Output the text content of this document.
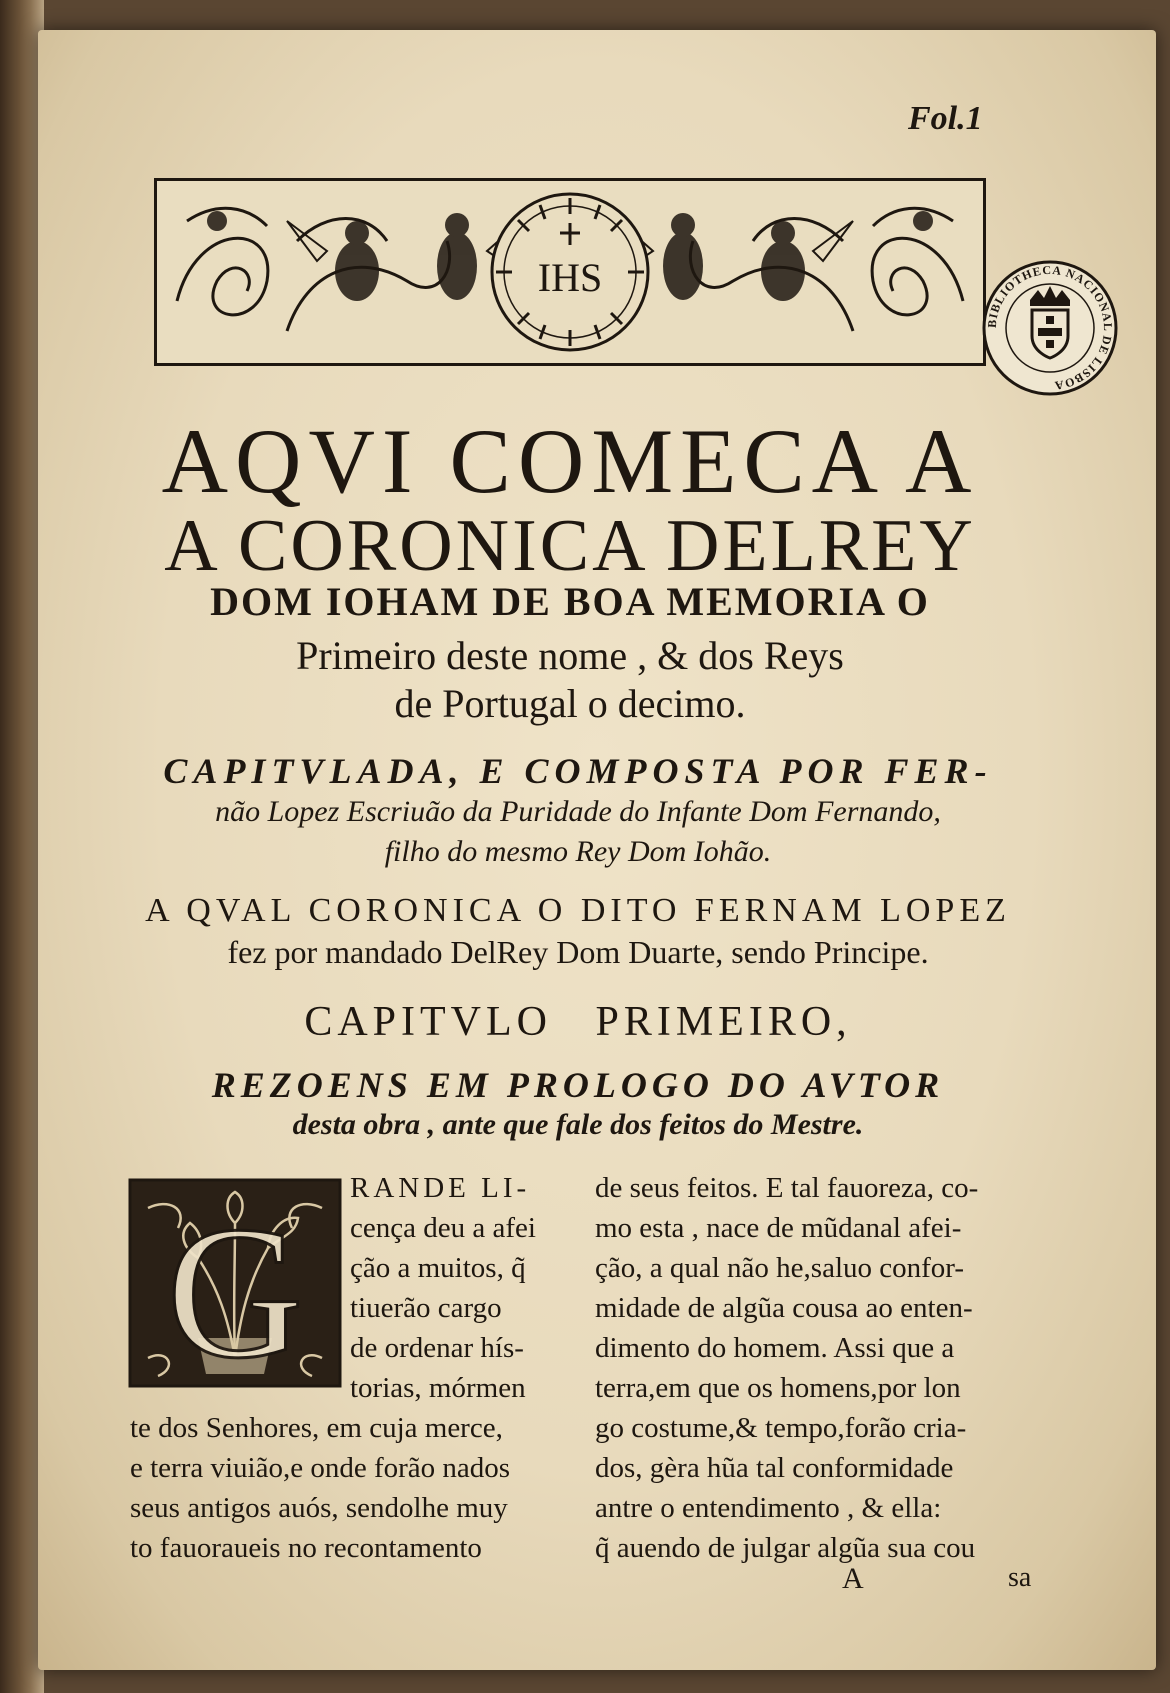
Fol.1
IHS
BIBLIOTHECA NACIONAL DE LISBOA
AQVI COMECA A
A CORONICA DELREY
DOM IOHAM DE BOA MEMORIA O
Primeiro deste nome , & dos Reys
de Portugal o decimo.
CAPITVLADA, E COMPOSTA POR FER-
não Lopez Escriuão da Puridade do Infante Dom Fernando,
filho do mesmo Rey Dom Iohão.
A QVAL CORONICA O DITO FERNAM LOPEZ
fez por mandado DelRey Dom Duarte, sendo Principe.
CAPITVLO PRIMEIRO,
REZOENS EM PROLOGO DO AVTOR
desta obra , ante que fale dos feitos do Mestre.
G RANDE LI-
cença deu a afei
ção a muitos, q̃
tiuerão cargo
de ordenar hís-
torias, mórmen
te dos Senhores, em cuja merce,
e terra viuião,e onde forão nados
seus antigos auós, sendolhe muy
to fauoraueis no recontamento
de seus feitos. E tal fauoreza, co-
mo esta , nace de mũdanal afei-
ção, a qual não he,saluo confor-
midade de algũa cousa ao enten-
dimento do homem. Assi que a
terra,em que os homens,por lon
go costume,& tempo,forão cria-
dos, gèra hũa tal conformidade
antre o entendimento , & ella:
q̃ auendo de julgar algũa sua cou
A	sa
